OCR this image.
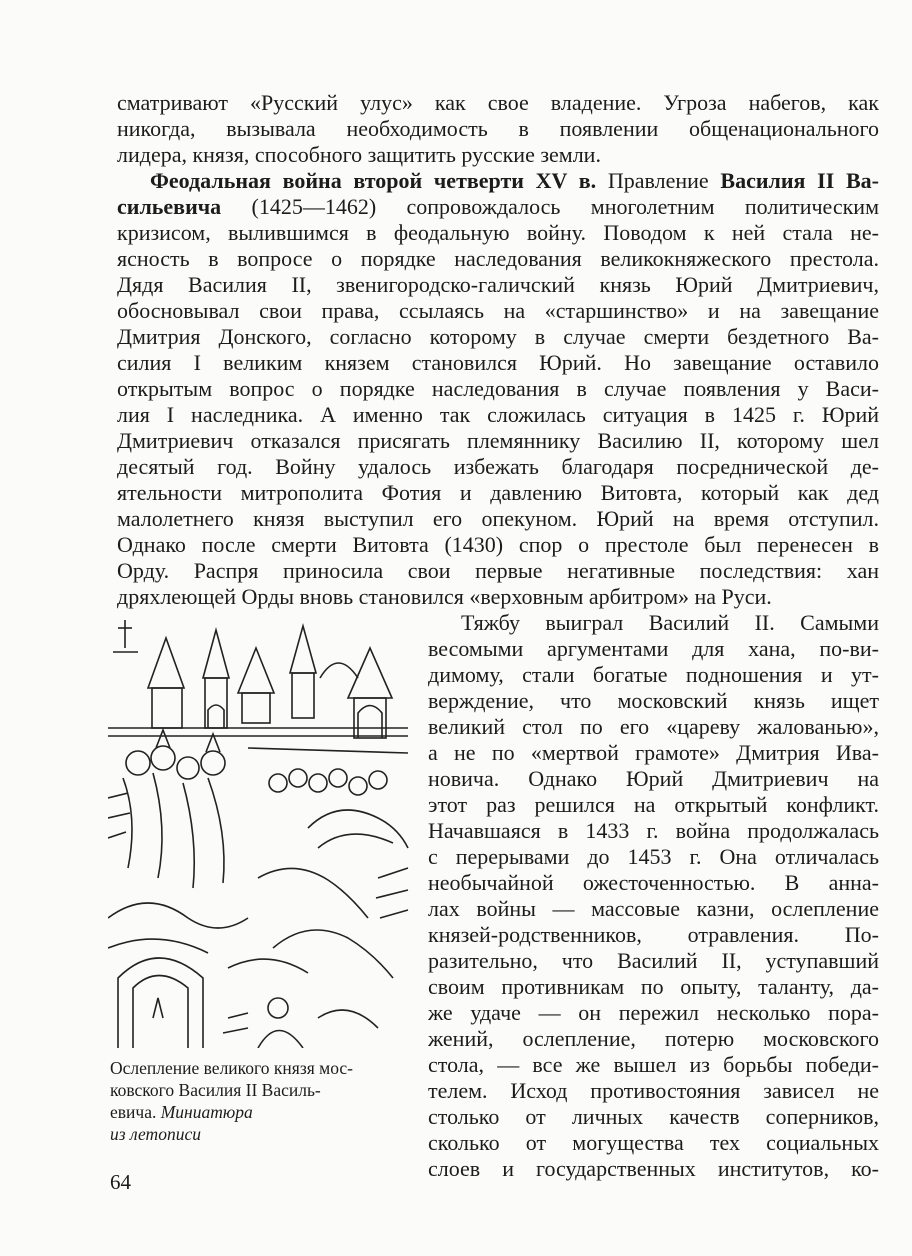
сматривают «Русский улус» как свое владение. Угроза набегов, как
никогда, вызывала необходимость в появлении общенационального
лидера, князя, способного защитить русские земли.
Феодальная война второй четверти XV в. Правление Василия II Ва-
сильевича (1425—1462) сопровождалось многолетним политическим
кризисом, вылившимся в феодальную войну. Поводом к ней стала не-
ясность в вопросе о порядке наследования великокняжеского престола.
Дядя Василия II, звенигородско-галичский князь Юрий Дмитриевич,
обосновывал свои права, ссылаясь на «старшинство» и на завещание
Дмитрия Донского, согласно которому в случае смерти бездетного Ва-
силия I великим князем становился Юрий. Но завещание оставило
открытым вопрос о порядке наследования в случае появления у Васи-
лия I наследника. А именно так сложилась ситуация в 1425 г. Юрий
Дмитриевич отказался присягать племяннику Василию II, которому шел
десятый год. Войну удалось избежать благодаря посреднической де-
ятельности митрополита Фотия и давлению Витовта, который как дед
малолетнего князя выступил его опекуном. Юрий на время отступил.
Однако после смерти Витовта (1430) спор о престоле был перенесен в
Орду. Распря приносила свои первые негативные последствия: хан
дряхлеющей Орды вновь становился «верховным арбитром» на Руси.
Тяжбу выиграл Василий II. Самыми
весомыми аргументами для хана, по-ви-
димому, стали богатые подношения и ут-
верждение, что московский князь ищет
великий стол по его «цареву жалованью»,
а не по «мертвой грамоте» Дмитрия Ива-
новича. Однако Юрий Дмитриевич на
этот раз решился на открытый конфликт.
Начавшаяся в 1433 г. война продолжалась
с перерывами до 1453 г. Она отличалась
необычайной ожесточенностью. В анна-
лах войны — массовые казни, ослепление
князей-родственников, отравления. По-
разительно, что Василий II, уступавший
своим противникам по опыту, таланту, да-
же удаче — он пережил несколько пора-
жений, ослепление, потерю московского
стола, — все же вышел из борьбы победи-
телем. Исход противостояния зависел не
столько от личных качеств соперников,
сколько от могущества тех социальных
слоев и государственных институтов, ко-
Ослепление великого князя мос-
ковского Василия II Василь-
евича. Миниатюра
из летописи
64
